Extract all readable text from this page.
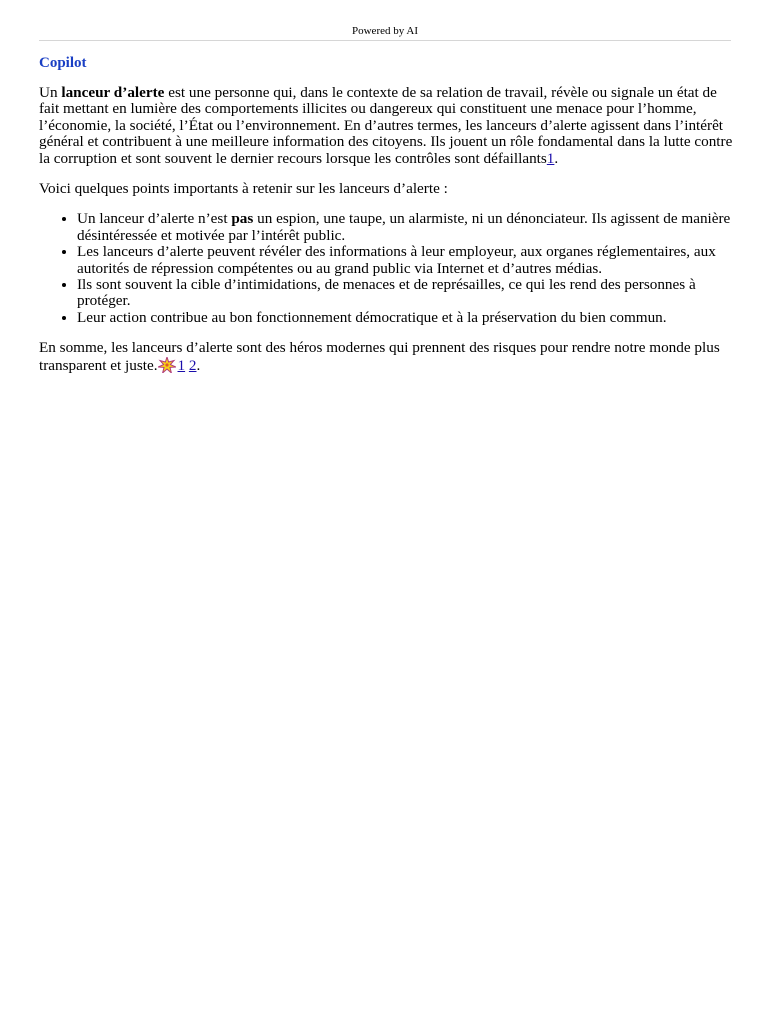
Powered by AI
Copilot

Un lanceur d’alerte est une personne qui, dans le contexte de sa relation de travail, révèle ou signale un état de fait mettant en lumière des comportements illicites ou dangereux qui constituent une menace pour l’homme, l’économie, la société, l’État ou l’environnement. En d’autres termes, les lanceurs d’alerte agissent dans l’intérêt général et contribuent à une meilleure information des citoyens. Ils jouent un rôle fondamental dans la lutte contre la corruption et sont souvent le dernier recours lorsque les contrôles sont défaillants1.

Voici quelques points importants à retenir sur les lanceurs d’alerte :

• Un lanceur d’alerte n’est pas un espion, une taupe, un alarmiste, ni un dénonciateur. Ils agissent de manière désintéressée et motivée par l’intérêt public.
• Les lanceurs d’alerte peuvent révéler des informations à leur employeur, aux organes réglementaires, aux autorités de répression compétentes ou au grand public via Internet et d’autres médias.
• Ils sont souvent la cible d’intimidations, de menaces et de représailles, ce qui les rend des personnes à protéger.
• Leur action contribue au bon fonctionnement démocratique et à la préservation du bien commun.

En somme, les lanceurs d’alerte sont des héros modernes qui prennent des risques pour rendre notre monde plus transparent et juste. 1 2.
